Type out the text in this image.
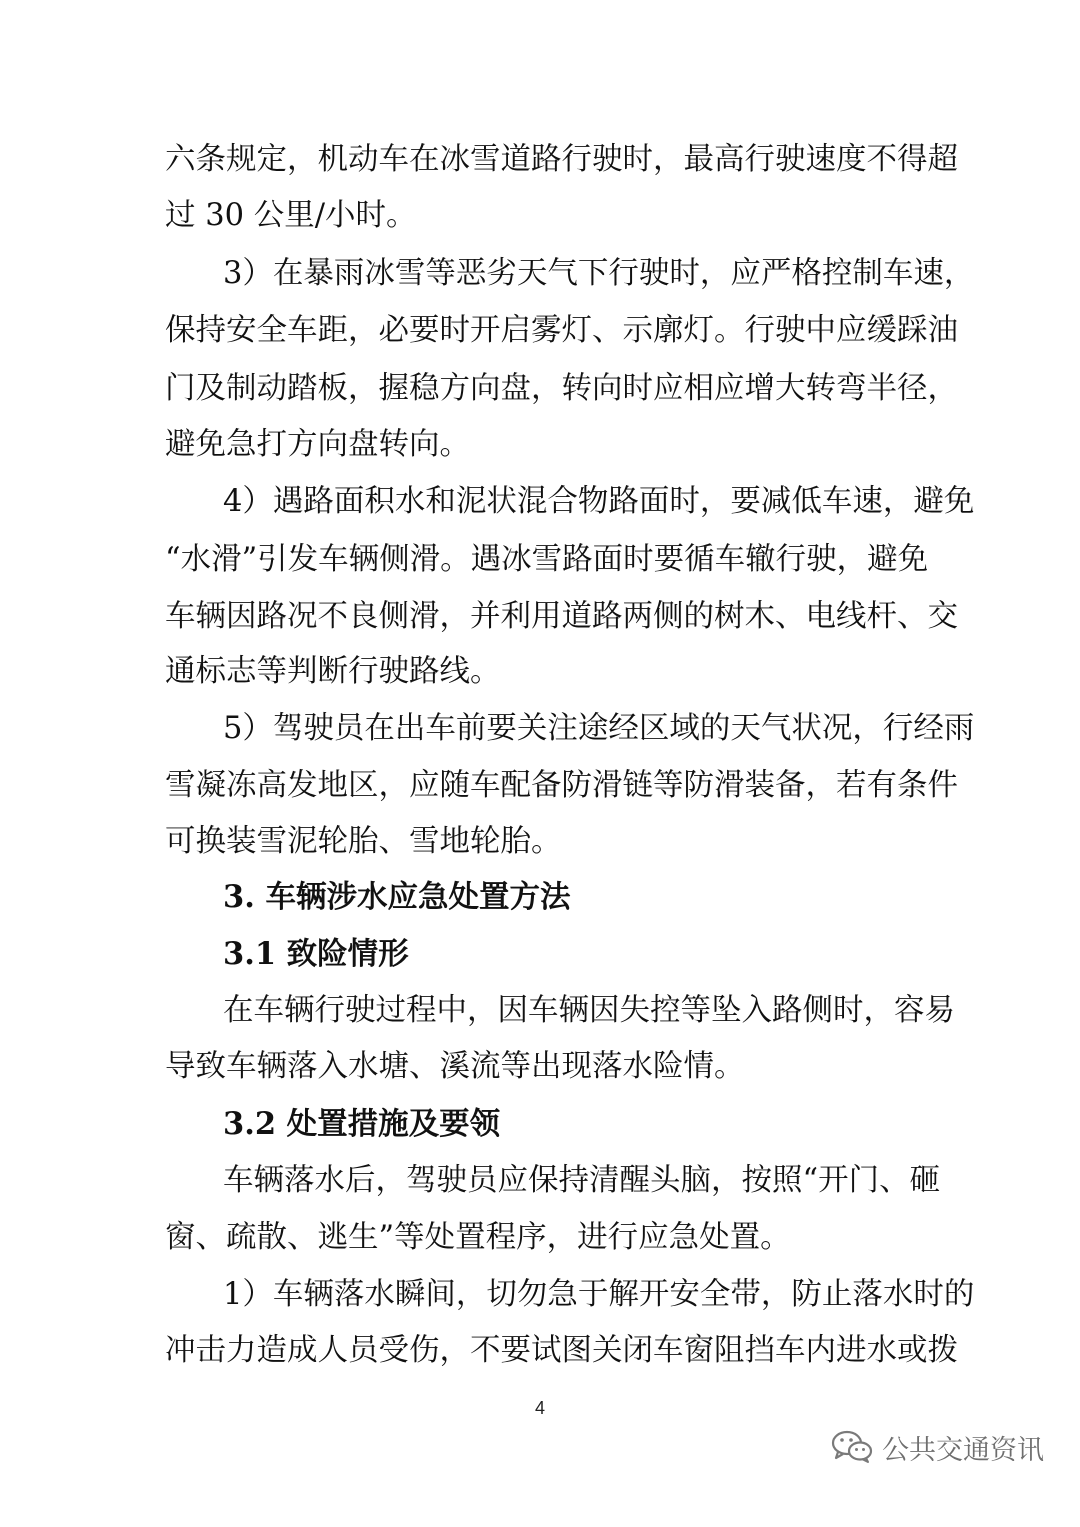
六条规定，机动车在冰雪道路行驶时，最高行驶速度不得超
过 30 公里/小时。
3）在暴雨冰雪等恶劣天气下行驶时，应严格控制车速，
保持安全车距，必要时开启雾灯、示廓灯。行驶中应缓踩油
门及制动踏板，握稳方向盘，转向时应相应增大转弯半径，
避免急打方向盘转向。
4）遇路面积水和泥状混合物路面时，要减低车速，避免
“水滑”引发车辆侧滑。遇冰雪路面时要循车辙行驶，避免
车辆因路况不良侧滑，并利用道路两侧的树木、电线杆、交
通标志等判断行驶路线。
5）驾驶员在出车前要关注途经区域的天气状况，行经雨
雪凝冻高发地区，应随车配备防滑链等防滑装备，若有条件
可换装雪泥轮胎、雪地轮胎。
3. 车辆涉水应急处置方法
3.1 致险情形
在车辆行驶过程中，因车辆因失控等坠入路侧时，容易
导致车辆落入水塘、溪流等出现落水险情。
3.2 处置措施及要领
车辆落水后，驾驶员应保持清醒头脑，按照“开门、砸
窗、疏散、逃生”等处置程序，进行应急处置。
1）车辆落水瞬间，切勿急于解开安全带，防止落水时的
冲击力造成人员受伤，不要试图关闭车窗阻挡车内进水或拨
4
公共交通资讯
